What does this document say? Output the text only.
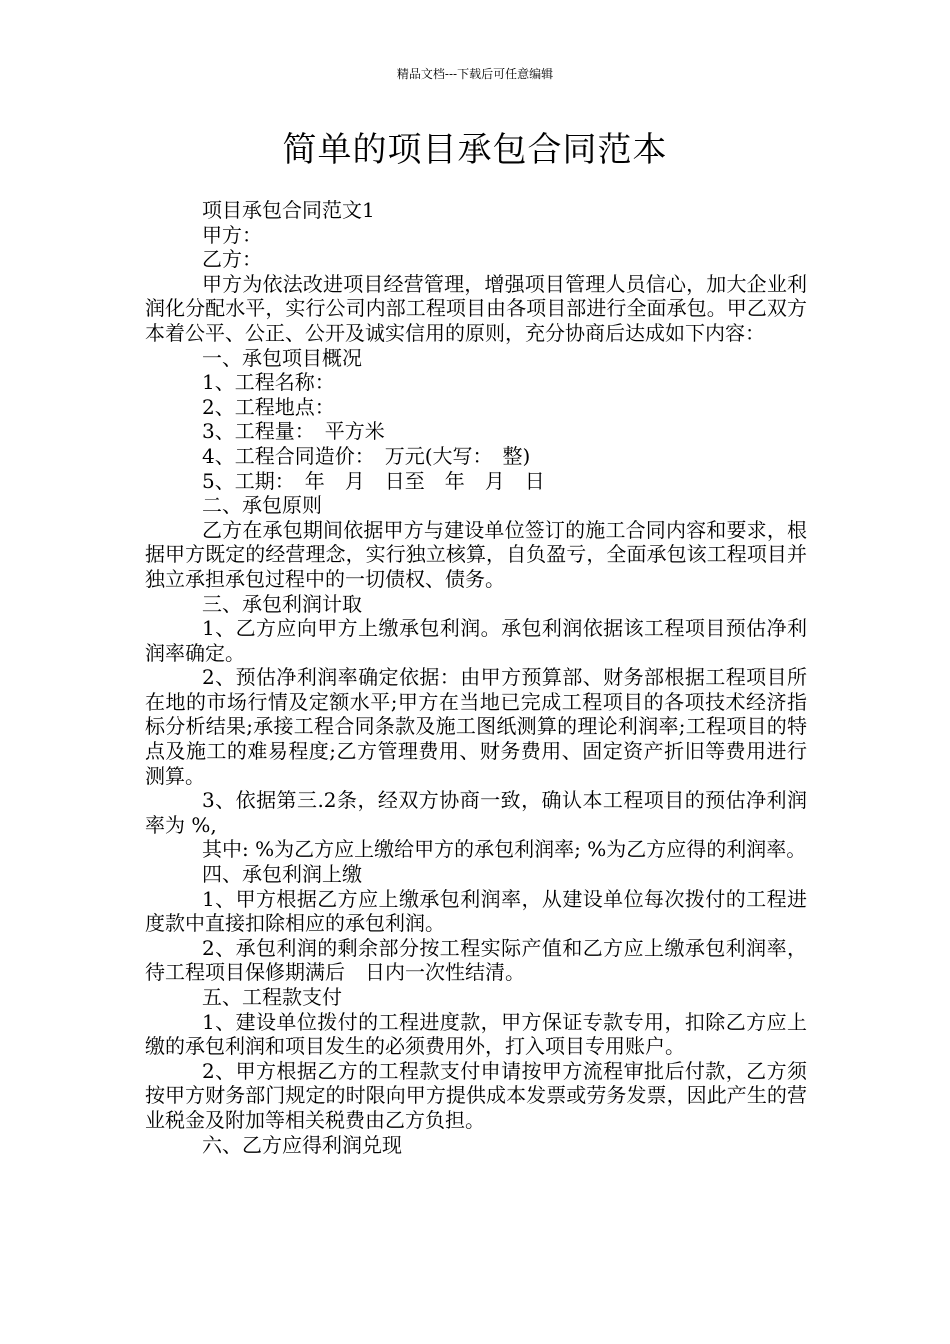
精品文档---下载后可任意编辑
简单的项目承包合同范本

项目承包合同范文1

甲方：

乙方：

甲方为依法改进项目经营管理，增强项目管理人员信心，加大企业利润化分配水平，实行公司内部工程项目由各项目部进行全面承包。甲乙双方本着公平、公正、公开及诚实信用的原则，充分协商后达成如下内容：

一、承包项目概况

1、工程名称：

2、工程地点：

3、工程量：　平方米

4、工程合同造价：　万元(大写：　整)

5、工期：　年　月　日至　年　月　日

二、承包原则

乙方在承包期间依据甲方与建设单位签订的施工合同内容和要求，根据甲方既定的经营理念，实行独立核算，自负盈亏，全面承包该工程项目并独立承担承包过程中的一切债权、债务。

三、承包利润计取

1、乙方应向甲方上缴承包利润。承包利润依据该工程项目预估净利润率确定。

2、预估净利润率确定依据：由甲方预算部、财务部根据工程项目所在地的市场行情及定额水平;甲方在当地已完成工程项目的各项技术经济指标分析结果;承接工程合同条款及施工图纸测算的理论利润率;工程项目的特点及施工的难易程度;乙方管理费用、财务费用、固定资产折旧等费用进行测算。

3、依据第三.2条，经双方协商一致，确认本工程项目的预估净利润率为 %,

其中: %为乙方应上缴给甲方的承包利润率; %为乙方应得的利润率。

四、承包利润上缴

1、甲方根据乙方应上缴承包利润率，从建设单位每次拨付的工程进度款中直接扣除相应的承包利润。

2、承包利润的剩余部分按工程实际产值和乙方应上缴承包利润率，待工程项目保修期满后　日内一次性结清。

五、工程款支付

1、建设单位拨付的工程进度款，甲方保证专款专用，扣除乙方应上缴的承包利润和项目发生的必须费用外，打入项目专用账户。

2、甲方根据乙方的工程款支付申请按甲方流程审批后付款，乙方须按甲方财务部门规定的时限向甲方提供成本发票或劳务发票，因此产生的营业税金及附加等相关税费由乙方负担。

六、乙方应得利润兑现
